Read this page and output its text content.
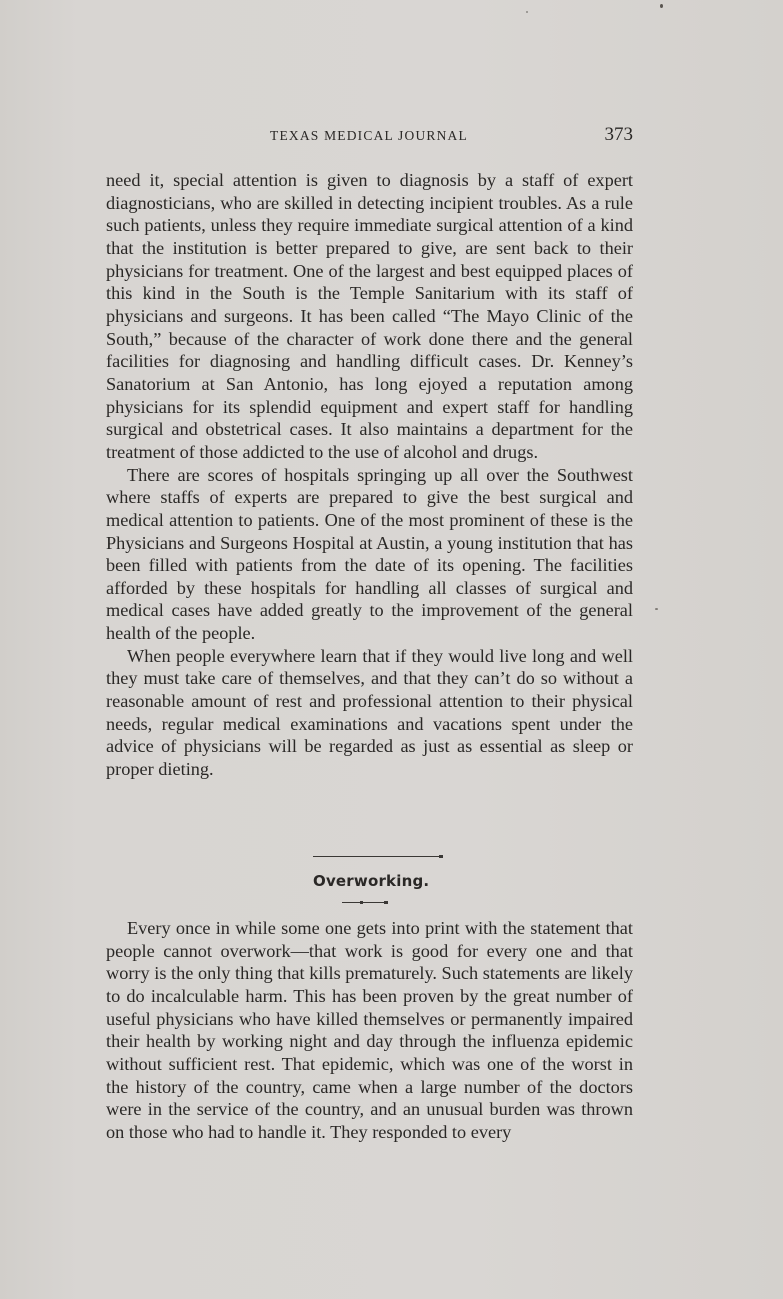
TEXAS MEDICAL JOURNAL	373

need it, special attention is given to diagnosis by a staff of expert diagnosticians, who are skilled in detecting incipient troubles. As a rule such patients, unless they require immediate surgical attention of a kind that the institution is better prepared to give, are sent back to their physicians for treatment. One of the largest and best equipped places of this kind in the South is the Temple Sanitarium with its staff of physicians and surgeons. It has been called “The Mayo Clinic of the South,” because of the character of work done there and the general facilities for diagnosing and handling difficult cases. Dr. Kenney’s Sanatorium at San Antonio, has long ejoyed a reputation among physicians for its splendid equipment and expert staff for handling surgical and obstetrical cases. It also maintains a department for the treatment of those addicted to the use of alcohol and drugs.

There are scores of hospitals springing up all over the Southwest where staffs of experts are prepared to give the best surgical and medical attention to patients. One of the most prominent of these is the Physicians and Surgeons Hospital at Austin, a young institution that has been filled with patients from the date of its opening. The facilities afforded by these hospitals for handling all classes of surgical and medical cases have added greatly to the improvement of the general health of the people.

When people everywhere learn that if they would live long and well they must take care of themselves, and that they can’t do so without a reasonable amount of rest and professional attention to their physical needs, regular medical examinations and vacations spent under the advice of physicians will be regarded as just as essential as sleep or proper dieting.

Overworking.

Every once in while some one gets into print with the statement that people cannot overwork—that work is good for every one and that worry is the only thing that kills prematurely. Such statements are likely to do incalculable harm. This has been proven by the great number of useful physicians who have killed themselves or permanently impaired their health by working night and day through the influenza epidemic without sufficient rest. That epidemic, which was one of the worst in the history of the country, came when a large number of the doctors were in the service of the country, and an unusual burden was thrown on those who had to handle it. They responded to every
